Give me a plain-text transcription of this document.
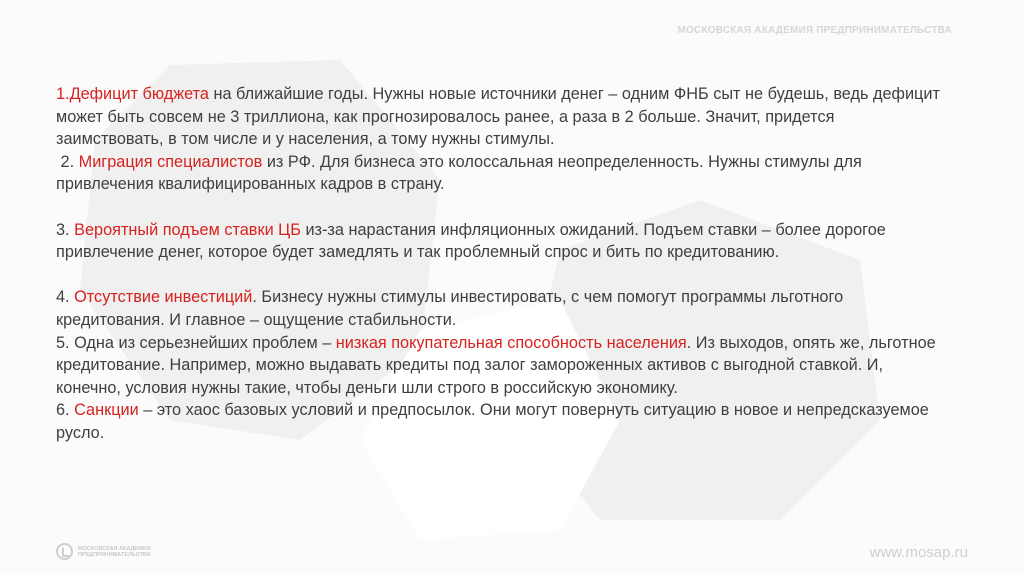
МОСКОВСКАЯ АКАДЕМИЯ ПРЕДПРИНИМАТЕЛЬСТВА

1.Дефицит бюджета на ближайшие годы. Нужны новые источники денег – одним ФНБ сыт не будешь, ведь дефицит может быть совсем не 3 триллиона, как прогнозировалось ранее, а раза в 2 больше. Значит, придется заимствовать, в том числе и у населения, а тому нужны стимулы.

2. Миграция специалистов из РФ. Для бизнеса это колоссальная неопределенность. Нужны стимулы для привлечения квалифицированных кадров в страну.

3. Вероятный подъем ставки ЦБ из-за нарастания инфляционных ожиданий. Подъем ставки – более дорогое привлечение денег, которое будет замедлять и так проблемный спрос и бить по кредитованию.

4. Отсутствие инвестиций. Бизнесу нужны стимулы инвестировать, с чем помогут программы льготного кредитования. И главное – ощущение стабильности.

5. Одна из серьезнейших проблем – низкая покупательная способность населения. Из выходов, опять же, льготное кредитование. Например, можно выдавать кредиты под залог замороженных активов с выгодной ставкой. И, конечно, условия нужны такие, чтобы деньги шли строго в российскую экономику.

6. Санкции – это хаос базовых условий и предпосылок. Они могут повернуть ситуацию в новое и непредсказуемое русло.

МОСКОВСКАЯ АКАДЕМИЯ
ПРЕДПРИНИМАТЕЛЬСТВА	www.mosap.ru
